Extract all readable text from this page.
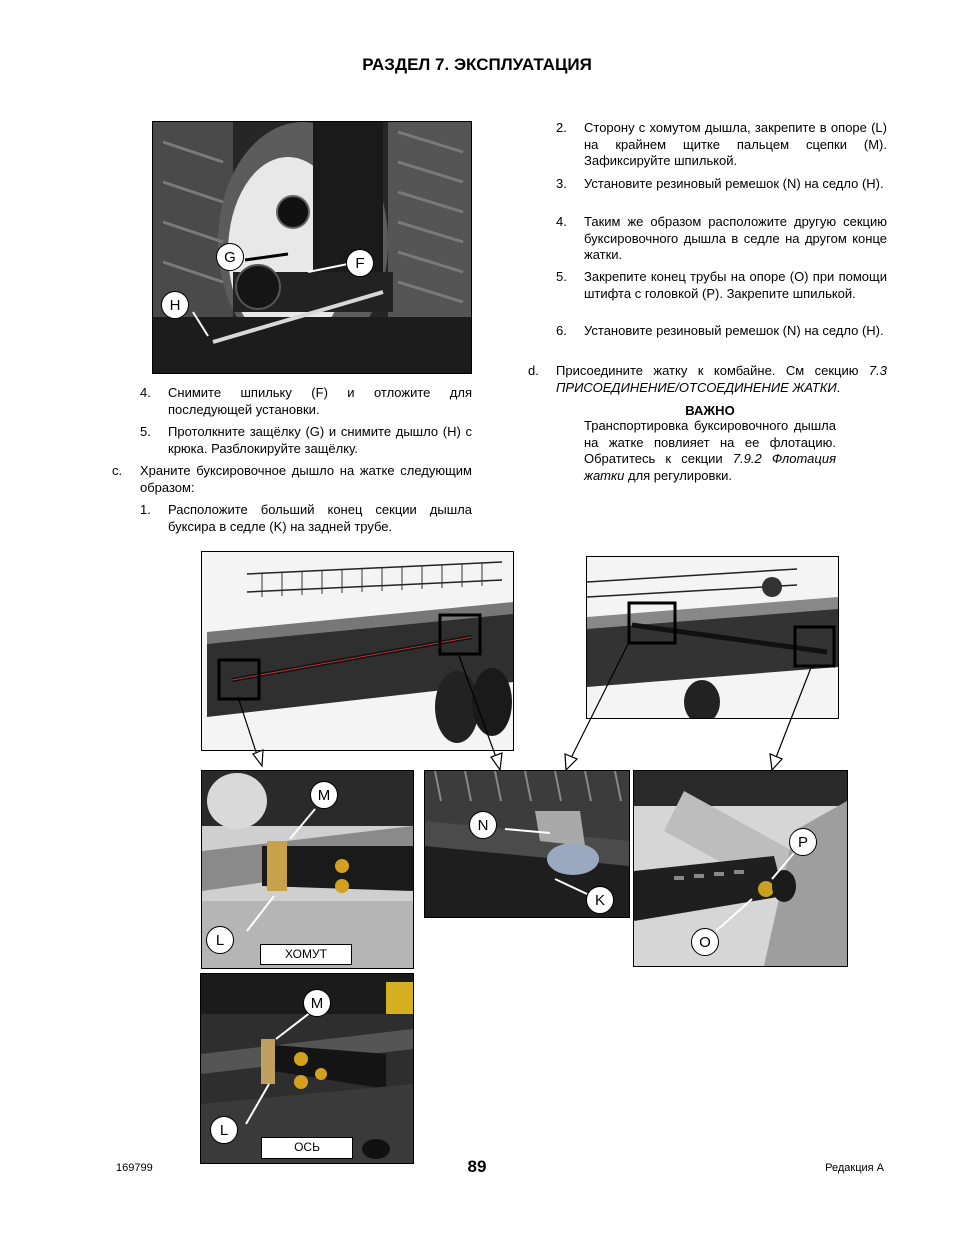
РАЗДЕЛ 7. ЭКСПЛУАТАЦИЯ
G	F
H
4. Снимите шпильку (F) и отложите для последующей установки.
5. Протолкните защёлку (G) и снимите дышло (H) с крюка. Разблокируйте защёлку.
c. Храните буксировочное дышло на жатке следующим образом:
1. Расположите больший конец секции дышла буксира в седле (K) на задней трубе.
2. Сторону с хомутом дышла, закрепите в опоре (L) на крайнем щитке пальцем сцепки (M). Зафиксируйте шпилькой.
3. Установите резиновый ремешок (N) на седло (H).
4. Таким же образом расположите другую секцию буксировочного дышла в седле на другом конце жатки.
5. Закрепите конец трубы на опоре (O) при помощи штифта с головкой (P). Закрепите шпилькой.
6. Установите резиновый ремешок (N) на седло (H).
d. Присоедините жатку к комбайне. См секцию 7.3 ПРИСОЕДИНЕНИЕ/ОТСОЕДИНЕНИЕ ЖАТКИ.
ВАЖНО
Транспортировка буксировочного дышла на жатке повлияет на ее флотацию. Обратитесь к секции 7.9.2 Флотация жатки для регулировки.
M
L
ХОМУТ
N
K
P
O
M
L
ОСЬ
169799	89	Редакция А
